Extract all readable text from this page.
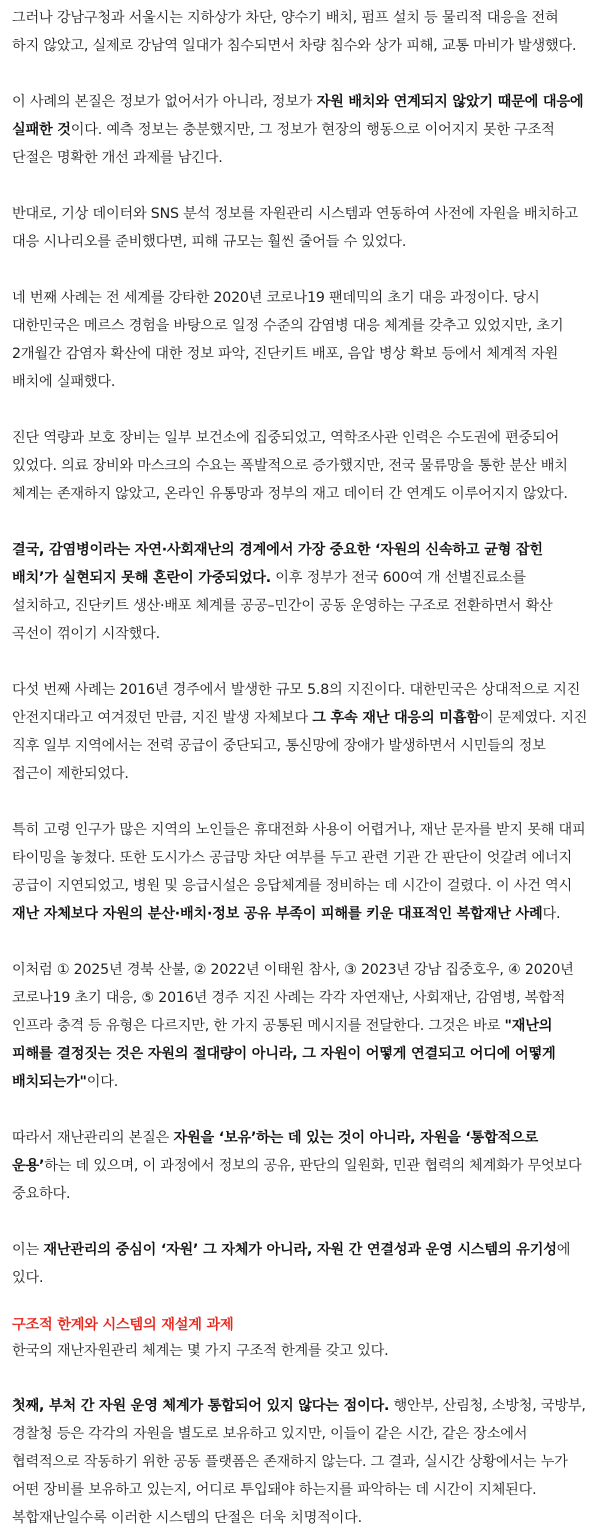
그러나 강남구청과 서울시는 지하상가 차단, 양수기 배치, 펌프 설치 등 물리적 대응을 전혀 하지 않았고, 실제로 강남역 일대가 침수되면서 차량 침수와 상가 피해, 교통 마비가 발생했다.

이 사례의 본질은 정보가 없어서가 아니라, 정보가 자원 배치와 연계되지 않았기 때문에 대응에 실패한 것이다. 예측 정보는 충분했지만, 그 정보가 현장의 행동으로 이어지지 못한 구조적 단절은 명확한 개선 과제를 남긴다.

반대로, 기상 데이터와 SNS 분석 정보를 자원관리 시스템과 연동하여 사전에 자원을 배치하고 대응 시나리오를 준비했다면, 피해 규모는 훨씬 줄어들 수 있었다.

네 번째 사례는 전 세계를 강타한 2020년 코로나19 팬데믹의 초기 대응 과정이다. 당시 대한민국은 메르스 경험을 바탕으로 일정 수준의 감염병 대응 체계를 갖추고 있었지만, 초기 2개월간 감염자 확산에 대한 정보 파악, 진단키트 배포, 음압 병상 확보 등에서 체계적 자원 배치에 실패했다.

진단 역량과 보호 장비는 일부 보건소에 집중되었고, 역학조사관 인력은 수도권에 편중되어 있었다. 의료 장비와 마스크의 수요는 폭발적으로 증가했지만, 전국 물류망을 통한 분산 배치 체계는 존재하지 않았고, 온라인 유통망과 정부의 재고 데이터 간 연계도 이루어지지 않았다.

결국, 감염병이라는 자연·사회재난의 경계에서 가장 중요한 ‘자원의 신속하고 균형 잡힌 배치’가 실현되지 못해 혼란이 가중되었다. 이후 정부가 전국 600여 개 선별진료소를 설치하고, 진단키트 생산·배포 체계를 공공–민간이 공동 운영하는 구조로 전환하면서 확산 곡선이 꺾이기 시작했다.

다섯 번째 사례는 2016년 경주에서 발생한 규모 5.8의 지진이다. 대한민국은 상대적으로 지진 안전지대라고 여겨졌던 만큼, 지진 발생 자체보다 그 후속 재난 대응의 미흡함이 문제였다. 지진 직후 일부 지역에서는 전력 공급이 중단되고, 통신망에 장애가 발생하면서 시민들의 정보 접근이 제한되었다.

특히 고령 인구가 많은 지역의 노인들은 휴대전화 사용이 어렵거나, 재난 문자를 받지 못해 대피 타이밍을 놓쳤다. 또한 도시가스 공급망 차단 여부를 두고 관련 기관 간 판단이 엇갈려 에너지 공급이 지연되었고, 병원 및 응급시설은 응답체계를 정비하는 데 시간이 걸렸다. 이 사건 역시 재난 자체보다 자원의 분산·배치·정보 공유 부족이 피해를 키운 대표적인 복합재난 사례다.

이처럼 ① 2025년 경북 산불, ② 2022년 이태원 참사, ③ 2023년 강남 집중호우, ④ 2020년 코로나19 초기 대응, ⑤ 2016년 경주 지진 사례는 각각 자연재난, 사회재난, 감염병, 복합적 인프라 충격 등 유형은 다르지만, 한 가지 공통된 메시지를 전달한다. 그것은 바로 "재난의 피해를 결정짓는 것은 자원의 절대량이 아니라, 그 자원이 어떻게 연결되고 어디에 어떻게 배치되는가"이다.

따라서 재난관리의 본질은 자원을 ‘보유’하는 데 있는 것이 아니라, 자원을 ‘통합적으로 운용’하는 데 있으며, 이 과정에서 정보의 공유, 판단의 일원화, 민관 협력의 체계화가 무엇보다 중요하다.

이는 재난관리의 중심이 ‘자원’ 그 자체가 아니라, 자원 간 연결성과 운영 시스템의 유기성에 있다.

구조적 한계와 시스템의 재설계 과제

한국의 재난자원관리 체계는 몇 가지 구조적 한계를 갖고 있다.

첫째, 부처 간 자원 운영 체계가 통합되어 있지 않다는 점이다. 행안부, 산림청, 소방청, 국방부, 경찰청 등은 각각의 자원을 별도로 보유하고 있지만, 이들이 같은 시간, 같은 장소에서 협력적으로 작동하기 위한 공동 플랫폼은 존재하지 않는다. 그 결과, 실시간 상황에서는 누가 어떤 장비를 보유하고 있는지, 어디로 투입돼야 하는지를 파악하는 데 시간이 지체된다. 복합재난일수록 이러한 시스템의 단절은 더욱 치명적이다.
